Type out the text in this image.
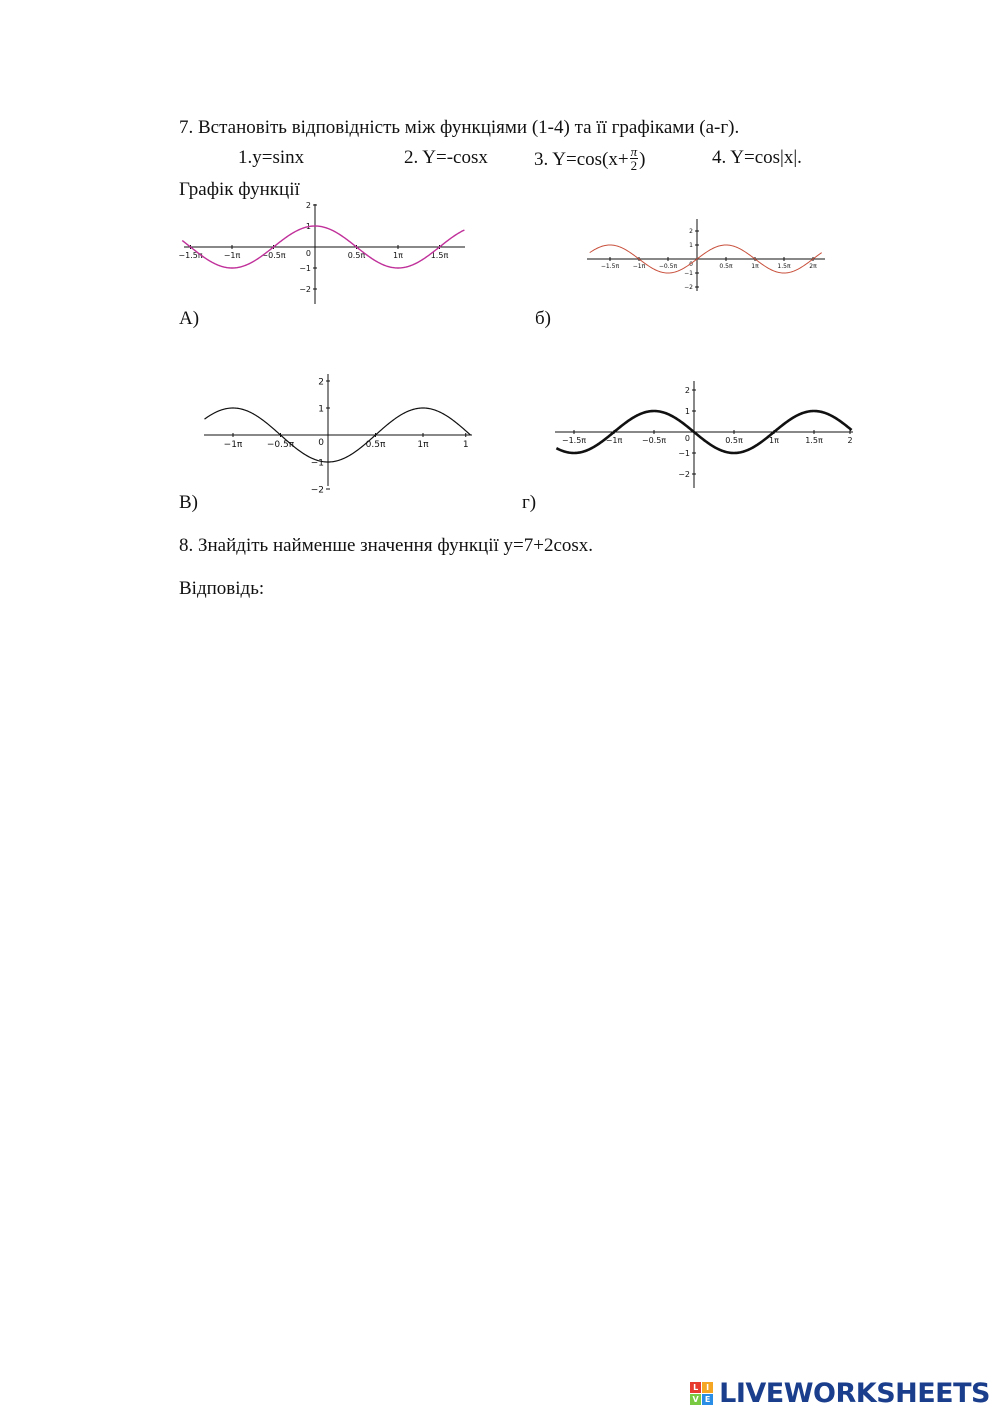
7. Встановіть відповідність між функціями (1-4) та її графіками (а-г).
1.y=sinx	2. Y=-cosx 3. $Y=\cos(x+ \frac{\pi}{2}$ )	4. Y=cos|x|.
Графік функції
2
1
0
−1
−2
−1.5π	−1π	−0.5π	0.5π	1π	1.5π
А)
2
1
0
−1
−2
−1.5π −1π −0.5π	0.5π	1π	1.5π	2π
б)
2
1
0
−1
−2
−1π	−0.5π	0.5π	1π	1
В)
2
1
0
−1
−2
−1.5π −1π −0.5π	0.5π	1π	1.5π	2
г)
8. Знайдіть найменше значення функції y=7+2cosx.
Відповідь:
L I
V E LIVEWORKSHEETS
